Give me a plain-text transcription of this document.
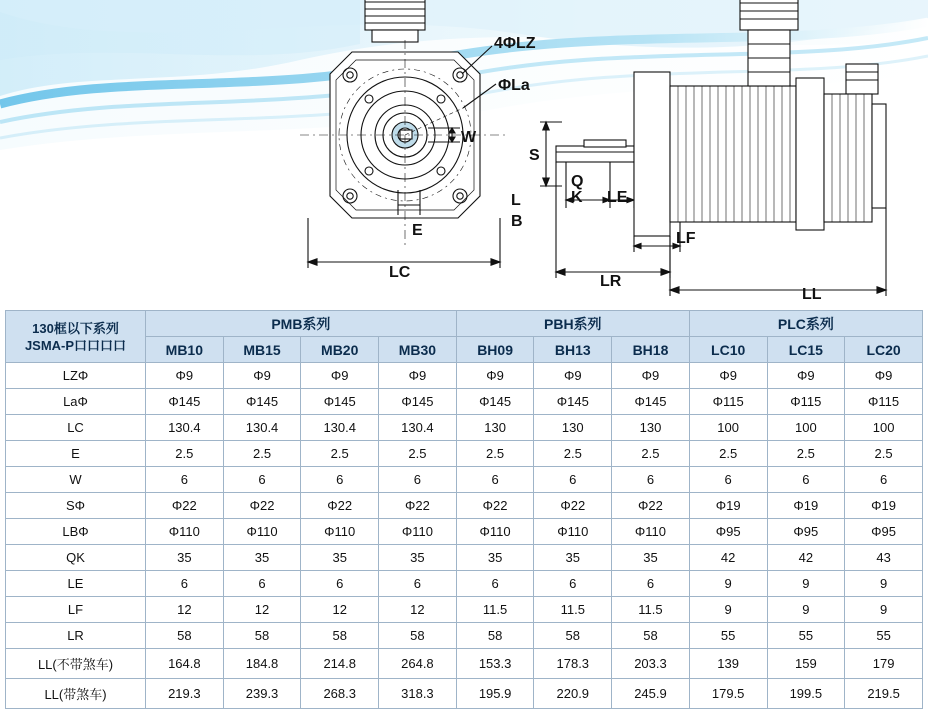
4ΦLZ
ΦLa
W
E
LC
L
B
S
Q
K LE
LF
LR
LL
130框以下系列
JSMA-P口口口口	PMB系列				PBH系列			PLC系列		
	MB10	MB15	MB20	MB30	BH09	BH13	BH18	LC10	LC15	LC20
LZΦ	Φ9	Φ9	Φ9	Φ9	Φ9	Φ9	Φ9	Φ9	Φ9	Φ9
LaΦ	Φ145	Φ145	Φ145	Φ145	Φ145	Φ145	Φ145	Φ115	Φ115	Φ115
LC	130.4	130.4	130.4	130.4	130	130	130	100	100	100
E	2.5	2.5	2.5	2.5	2.5	2.5	2.5	2.5	2.5	2.5
W	6	6	6	6	6	6	6	6	6	6
SΦ	Φ22	Φ22	Φ22	Φ22	Φ22	Φ22	Φ22	Φ19	Φ19	Φ19
LBΦ	Φ110	Φ110	Φ110	Φ110	Φ110	Φ110	Φ110	Φ95	Φ95	Φ95
QK	35	35	35	35	35	35	35	42	42	43
LE	6	6	6	6	6	6	6	9	9	9
LF	12	12	12	12	11.5	11.5	11.5	9	9	9
LR	58	58	58	58	58	58	58	55	55	55
LL(不带煞车)	164.8	184.8	214.8	264.8	153.3	178.3	203.3	139	159	179
LL(带煞车)	219.3	239.3	268.3	318.3	195.9	220.9	245.9	179.5	199.5	219.5
